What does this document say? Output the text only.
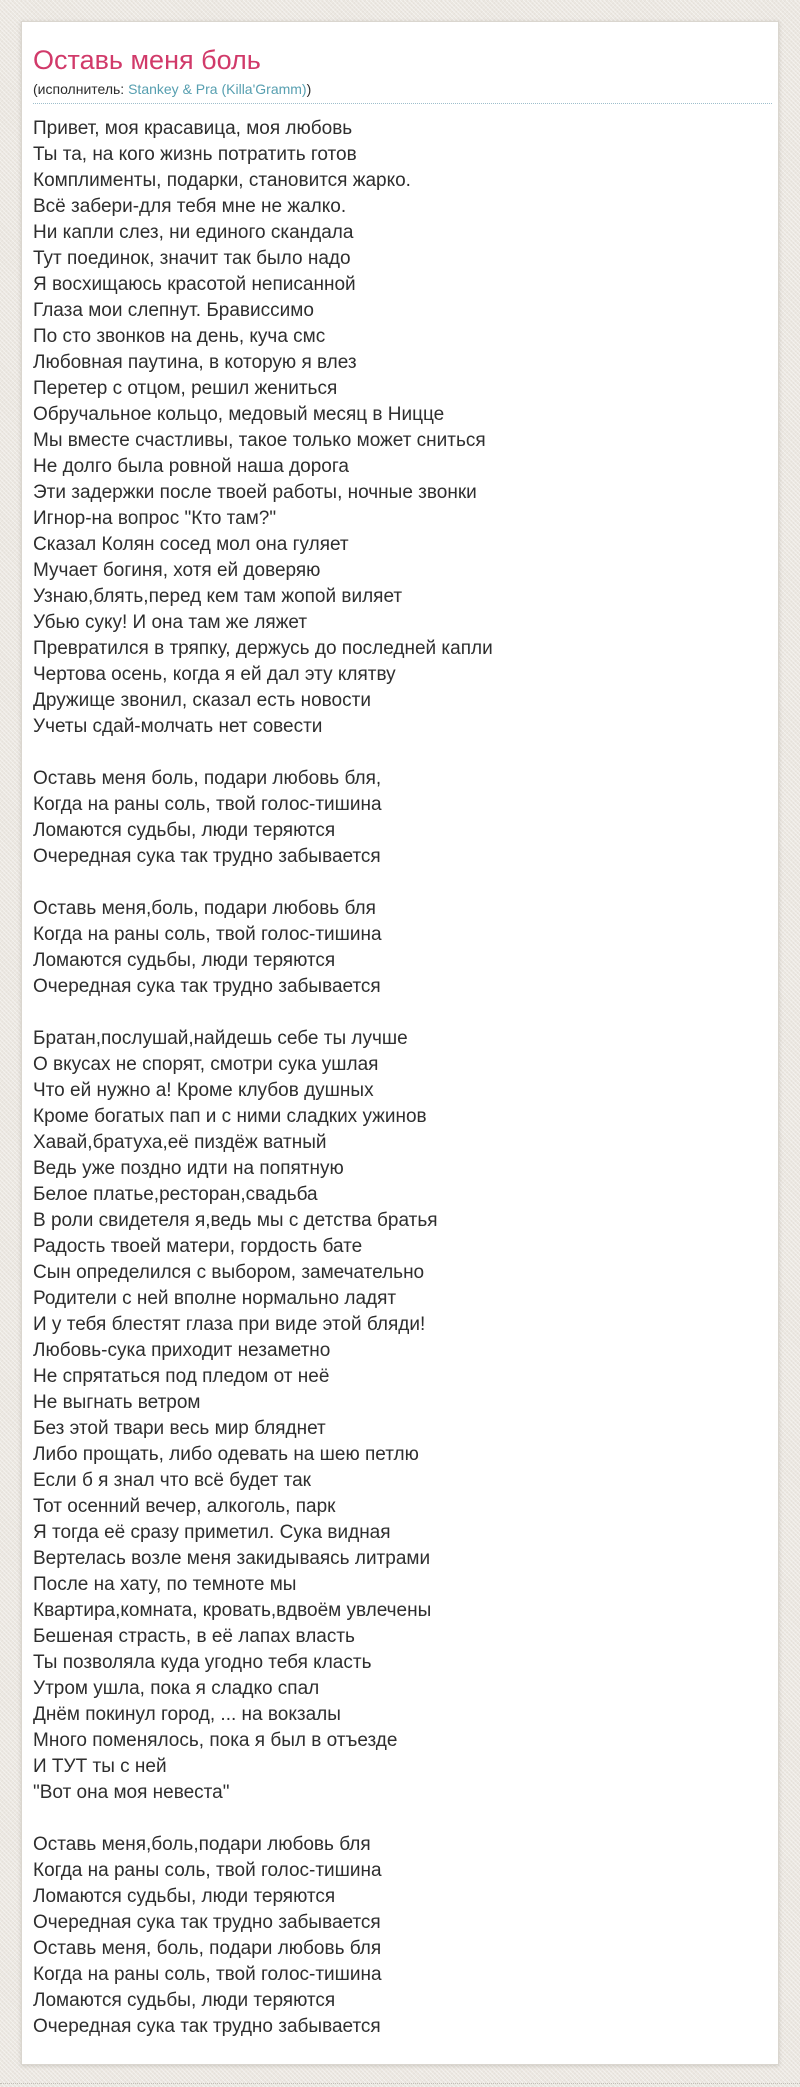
Оставь меня боль

(исполнитель: Stankey & Pra (Killa'Gramm))

Привет, моя красавица, моя любовь
Ты та, на кого жизнь потратить готов
Комплименты, подарки, становится жарко.
Всё забери-для тебя мне не жалко.
Ни капли слез, ни единого скандала
Тут поединок, значит так было надо
Я восхищаюсь красотой неписанной
Глаза мои слепнут. Брависсимо
По сто звонков на день, куча смс
Любовная паутина, в которую я влез
Перетер с отцом, решил жениться
Обручальное кольцо, медовый месяц в Ницце
Мы вместе счастливы, такое только может сниться
Не долго была ровной наша дорога
Эти задержки после твоей работы, ночные звонки
Игнор-на вопрос "Кто там?"
Сказал Колян сосед мол она гуляет
Мучает богиня, хотя ей доверяю
Узнаю,блять,перед кем там жопой виляет
Убью суку! И она там же ляжет
Превратился в тряпку, держусь до последней капли
Чертова осень, когда я ей дал эту клятву
Дружище звонил, сказал есть новости
Учеты сдай-молчать нет совести

Оставь меня боль, подари любовь бля,
Когда на раны соль, твой голос-тишина
Ломаются судьбы, люди теряются
Очередная сука так трудно забывается

Оставь меня,боль, подари любовь бля
Когда на раны соль, твой голос-тишина
Ломаются судьбы, люди теряются
Очередная сука так трудно забывается

Братан,послушай,найдешь себе ты лучше
О вкусах не спорят, смотри сука ушлая
Что ей нужно а! Кроме клубов душных
Кроме богатых пап и с ними сладких ужинов
Хавай,братуха,её пиздёж ватный
Ведь уже поздно идти на попятную
Белое платье,ресторан,свадьба
В роли свидетеля я,ведь мы с детства братья
Радость твоей матери, гордость бате
Сын определился с выбором, замечательно
Родители с ней вполне нормально ладят
И у тебя блестят глаза при виде этой бляди!
Любовь-сука приходит незаметно
Не спрятаться под пледом от неё
Не выгнать ветром
Без этой твари весь мир бляднет
Либо прощать, либо одевать на шею петлю
Если б я знал что всё будет так
Тот осенний вечер, алкоголь, парк
Я тогда её сразу приметил. Сука видная
Вертелась возле меня закидываясь литрами
После на хату, по темноте мы
Квартира,комната, кровать,вдвоём увлечены
Бешеная страсть, в её лапах власть
Ты позволяла куда угодно тебя класть
Утром ушла, пока я сладко спал
Днём покинул город, ... на вокзалы
Много поменялось, пока я был в отъезде
И ТУТ ты с ней
"Вот она моя невеста"

Оставь меня,боль,подари любовь бля
Когда на раны соль, твой голос-тишина
Ломаются судьбы, люди теряются
Очередная сука так трудно забывается
Оставь меня, боль, подари любовь бля
Когда на раны соль, твой голос-тишина
Ломаются судьбы, люди теряются
Очередная сука так трудно забывается
